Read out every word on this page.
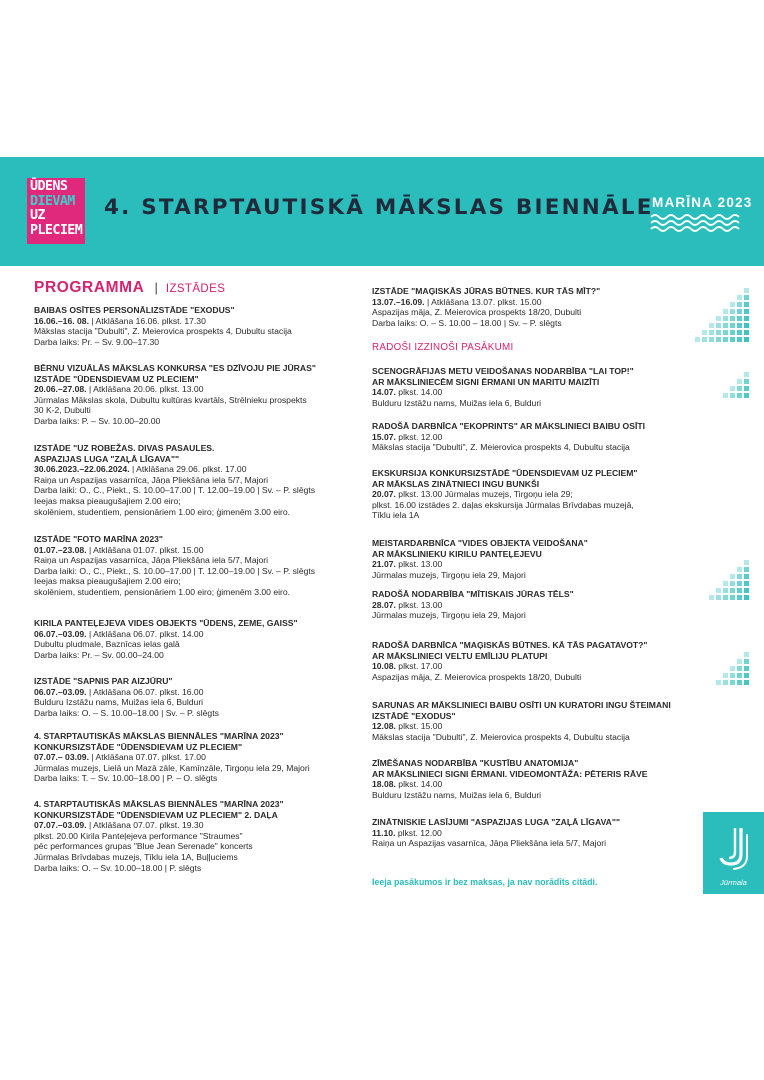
ŪDENS
DIEVAM
UZ
PLECIEM
4. STARPTAUTISKĀ MĀKSLAS BIENNĀLE
MARĪNA 2023
PROGRAMMA | IZSTĀDES
BAIBAS OSĪTES PERSONĀLIZSTĀDE "EXODUS"
16.06.–16. 08. | Atklāšana 16.06. plkst. 17.30
Mākslas stacija "Dubulti", Z. Meierovica prospekts 4, Dubultu stacija
Darba laiks: Pr. – Sv. 9.00–17.30
BĒRNU VIZUĀLĀS MĀKSLAS KONKURSA "ES DZĪVOJU PIE JŪRAS"
IZSTĀDE "ŪDENSDIEVAM UZ PLECIEM"
20.06.–27.08. | Atklāšana 20.06. plkst. 13.00
Jūrmalas Mākslas skola, Dubultu kultūras kvartāls, Strēlnieku prospekts
30 K-2, Dubulti
Darba laiks: P. – Sv. 10.00–20.00
IZSTĀDE "UZ ROBEŽAS. DIVAS PASAULES.
ASPAZIJAS LUGA "ZAĻĀ LĪGAVA""
30.06.2023.–22.06.2024. | Atklāšana 29.06. plkst. 17.00
Raiņa un Aspazijas vasarnīca, Jāņa Pliekšāna iela 5/7, Majori
Darba laiki: O., C., Piekt., S. 10.00–17.00 | T. 12.00–19.00 | Sv. – P. slēgts
Ieejas maksa pieaugušajiem 2.00 eiro;
skolēniem, studentiem, pensionāriem 1.00 eiro; ģimenēm 3.00 eiro.
IZSTĀDE "FOTO MARĪNA 2023"
01.07.–23.08. | Atklāšana 01.07. plkst. 15.00
Raiņa un Aspazijas vasarnīca, Jāņa Pliekšāna iela 5/7, Majori
Darba laiki: O., C., Piekt., S. 10.00–17.00 | T. 12.00–19.00 | Sv. – P. slēgts
Ieejas maksa pieaugušajiem 2.00 eiro;
skolēniem, studentiem, pensionāriem 1.00 eiro; ģimenēm 3.00 eiro.
KIRILA PANTEĻEJEVA VIDES OBJEKTS "ŪDENS, ZEME, GAISS"
06.07.–03.09. | Atklāšana 06.07. plkst. 14.00
Dubultu pludmale, Baznīcas ielas galā
Darba laiks: Pr. – Sv. 00.00–24.00
IZSTĀDE "SAPNIS PAR AIZJŪRU"
06.07.–03.09. | Atklāšana 06.07. plkst. 16.00
Bulduru Izstāžu nams, Muižas iela 6, Bulduri
Darba laiks: O. – S. 10.00–18.00 | Sv. – P. slēgts
4. STARPTAUTISKĀS MĀKSLAS BIENNĀLES "MARĪNA 2023"
KONKURSIZSTĀDE "ŪDENSDIEVAM UZ PLECIEM"
07.07.– 03.09. | Atklāšana 07.07. plkst. 17.00
Jūrmalas muzejs, Lielā un Mazā zāle, Kamīnzāle, Tirgoņu iela 29, Majori
Darba laiks: T. – Sv. 10.00–18.00 | P. – O. slēgts
4. STARPTAUTISKĀS MĀKSLAS BIENNĀLES "MARĪNA 2023"
KONKURSIZSTĀDE "ŪDENSDIEVAM UZ PLECIEM" 2. DAĻA
07.07.–03.09. | Atklāšana 07.07. plkst. 19.30
plkst. 20.00 Kirila Panteļejeva performance "Straumes"
pēc performances grupas "Blue Jean Serenade" koncerts
Jūrmalas Brīvdabas muzejs, Tīklu iela 1A, Buļļuciems
Darba laiks: O. – Sv. 10.00–18.00 | P. slēgts
IZSTĀDE "MAĢISKĀS JŪRAS BŪTNES. KUR TĀS MĪT?"
13.07.–16.09. | Atklāšana 13.07. plkst. 15.00
Aspazijas māja, Z. Meierovica prospekts 18/20, Dubulti
Darba laiks: O. – S. 10.00 – 18.00 | Sv. – P. slēgts
RADOŠI IZZINOŠI PASĀKUMI
SCENOGRĀFIJAS METU VEIDOŠANAS NODARBĪBA "LAI TOP!"
AR MĀKSLINIECĒM SIGNI ĒRMANI UN MARITU MAIZĪTI
14.07. plkst. 14.00
Bulduru Izstāžu nams, Muižas iela 6, Bulduri
RADOŠĀ DARBNĪCA "EKOPRINTS" AR MĀKSLINIECI BAIBU OSĪTI
15.07. plkst. 12.00
Mākslas stacija "Dubulti", Z. Meierovica prospekts 4, Dubultu stacija
EKSKURSIJA KONKURSIZSTĀDĒ "ŪDENSDIEVAM UZ PLECIEM"
AR MĀKSLAS ZINĀTNIECI INGU BUNKŠI
20.07. plkst. 13.00 Jūrmalas muzejs, Tirgoņu iela 29;
plkst. 16.00 izstādes 2. daļas ekskursija Jūrmalas Brīvdabas muzejā,
Tīklu iela 1A
MEISTARDARBNĪCA "VIDES OBJEKTA VEIDOŠANA"
AR MĀKSLINIEKU KIRILU PANTEĻEJEVU
21.07. plkst. 13.00
Jūrmalas muzejs, Tirgoņu iela 29, Majori
RADOŠĀ NODARBĪBA "MĪTISKAIS JŪRAS TĒLS"
28.07. plkst. 13.00
Jūrmalas muzejs, Tirgoņu iela 29, Majori
RADOŠĀ DARBNĪCA "MAĢISKĀS BŪTNES. KĀ TĀS PAGATAVOT?"
AR MĀKSLINIECI VELTU EMĪLIJU PLATUPI
10.08. plkst. 17.00
Aspazijas māja, Z. Meierovica prospekts 18/20, Dubulti
SARUNAS AR MĀKSLINIECI BAIBU OSĪTI UN KURATORI INGU ŠTEIMANI
IZSTĀDĒ "EXODUS"
12.08. plkst. 15.00
Mākslas stacija "Dubulti", Z. Meierovica prospekts 4, Dubultu stacija
ZĪMĒŠANAS NODARBĪBA "KUSTĪBU ANATOMIJA"
AR MĀKSLINIECI SIGNI ĒRMANI. VIDEOMONTĀŽA: PĒTERIS RĀVE
18.08. plkst. 14.00
Bulduru Izstāžu nams, Muižas iela 6, Bulduri
ZINĀTNISKIE LASĪJUMI "ASPAZIJAS LUGA "ZAĻĀ LĪGAVA""
11.10. plkst. 12.00
Raiņa un Aspazijas vasarnīca, Jāņa Pliekšāna iela 5/7, Majori
Ieeja pasākumos ir bez maksas, ja nav norādīts citādi.	Jūrmala
